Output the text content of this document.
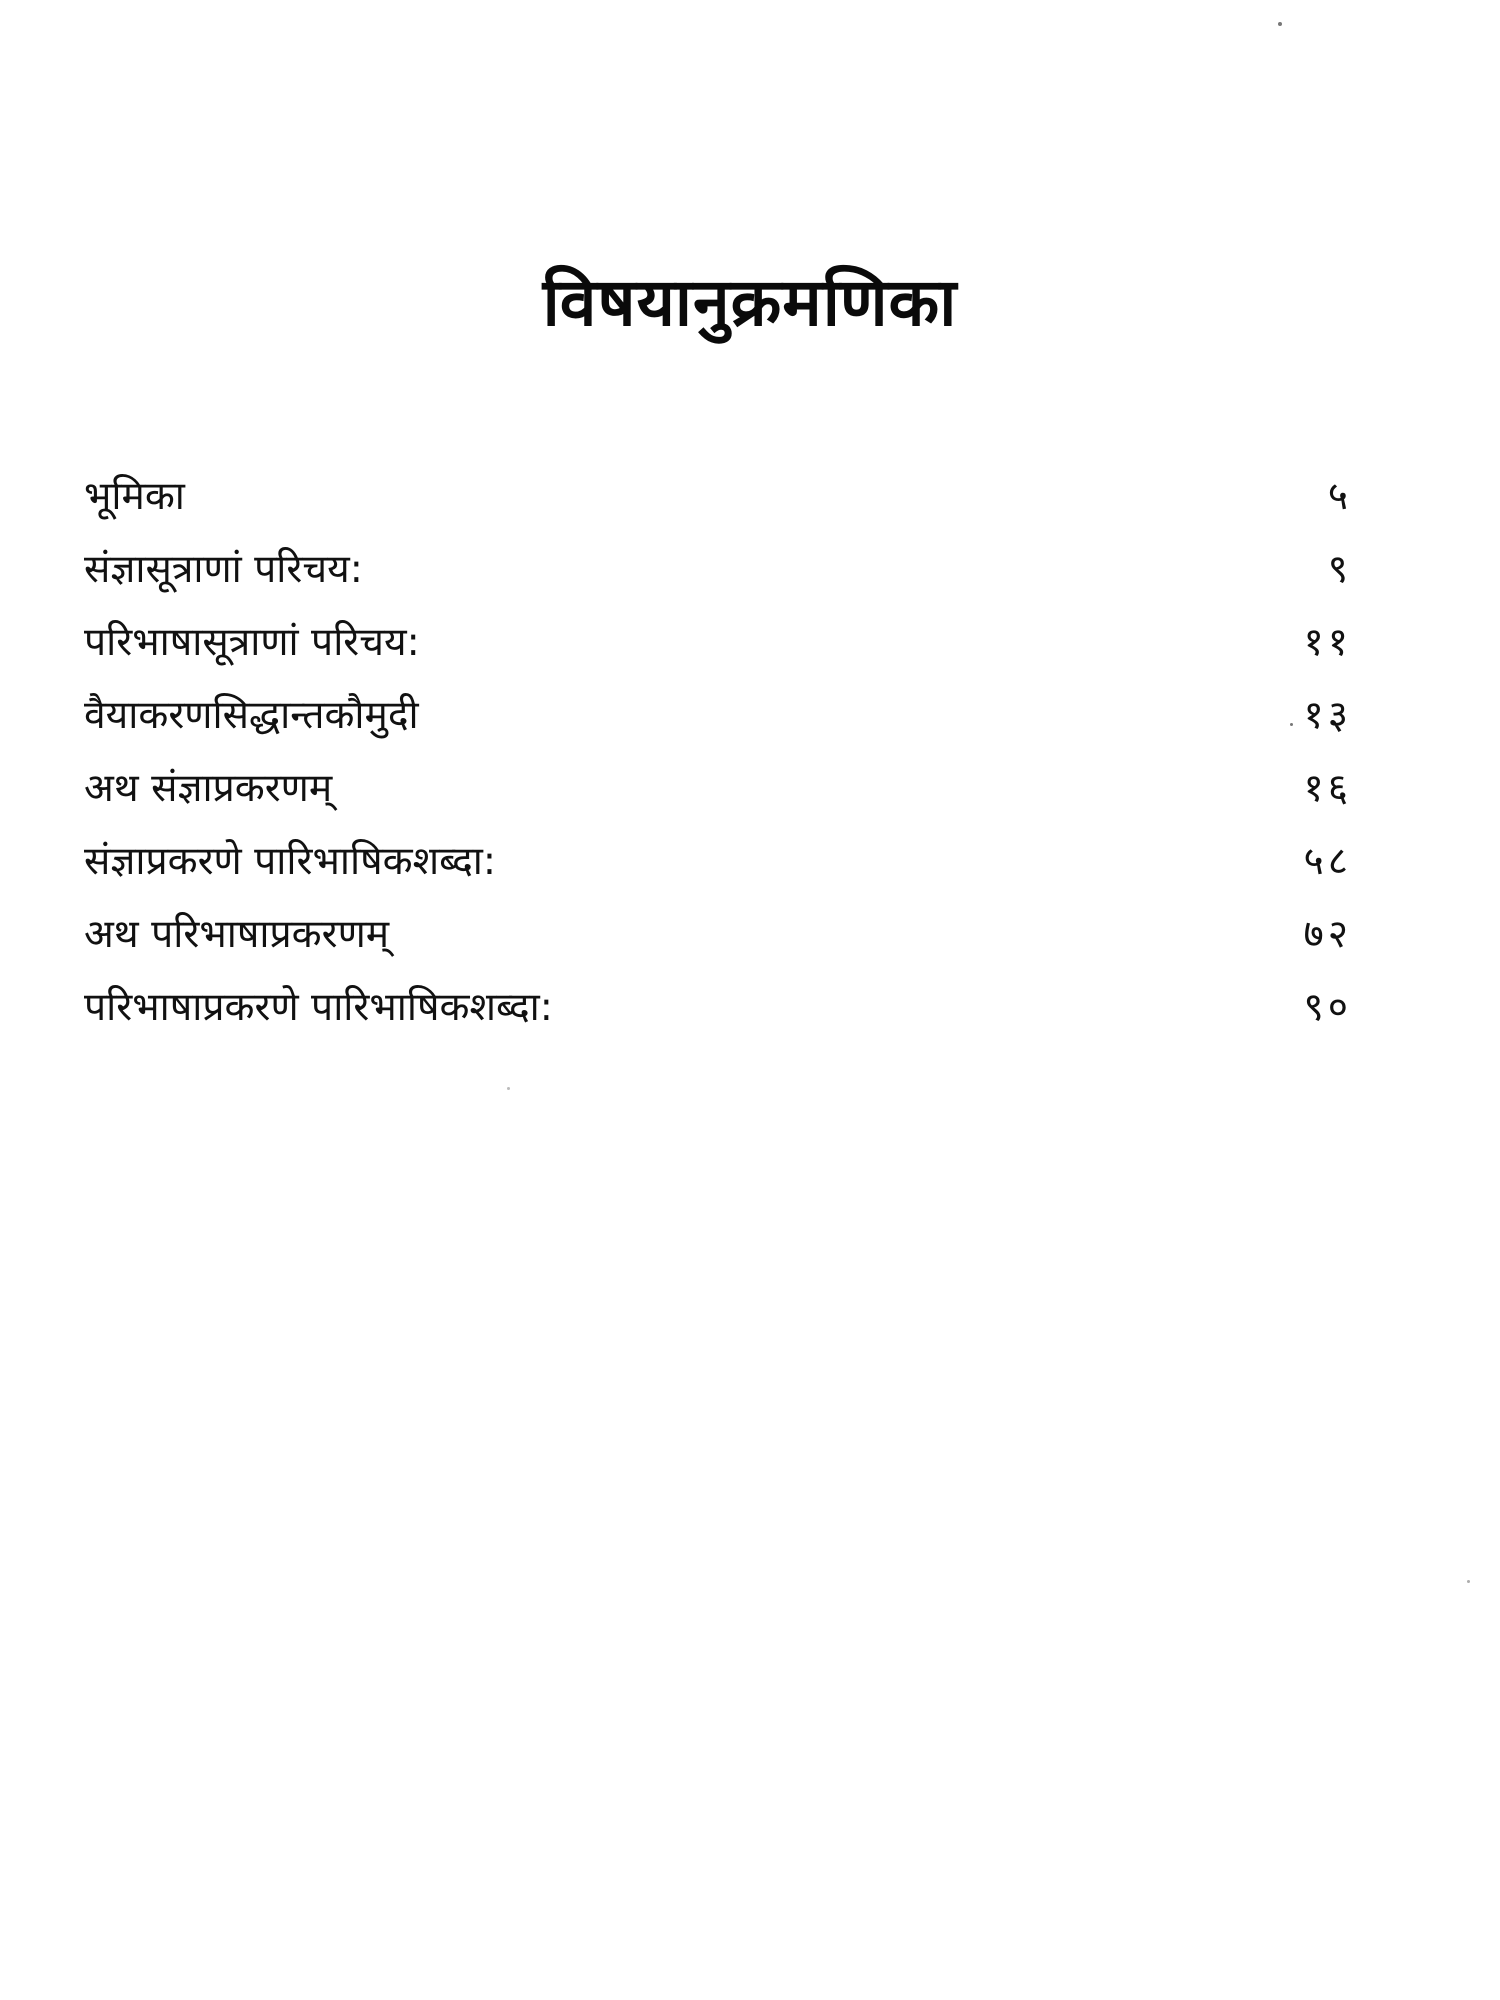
विषयानुक्रमणिका
भूमिका	५
संज्ञासूत्राणां परिचय:	९
परिभाषासूत्राणां परिचय:	११
वैयाकरणसिद्धान्तकौमुदी	१३
अथ संज्ञाप्रकरणम्	१६
संज्ञाप्रकरणे पारिभाषिकशब्दा:	५८
अथ परिभाषाप्रकरणम्	७२
परिभाषाप्रकरणे पारिभाषिकशब्दा:	९०
